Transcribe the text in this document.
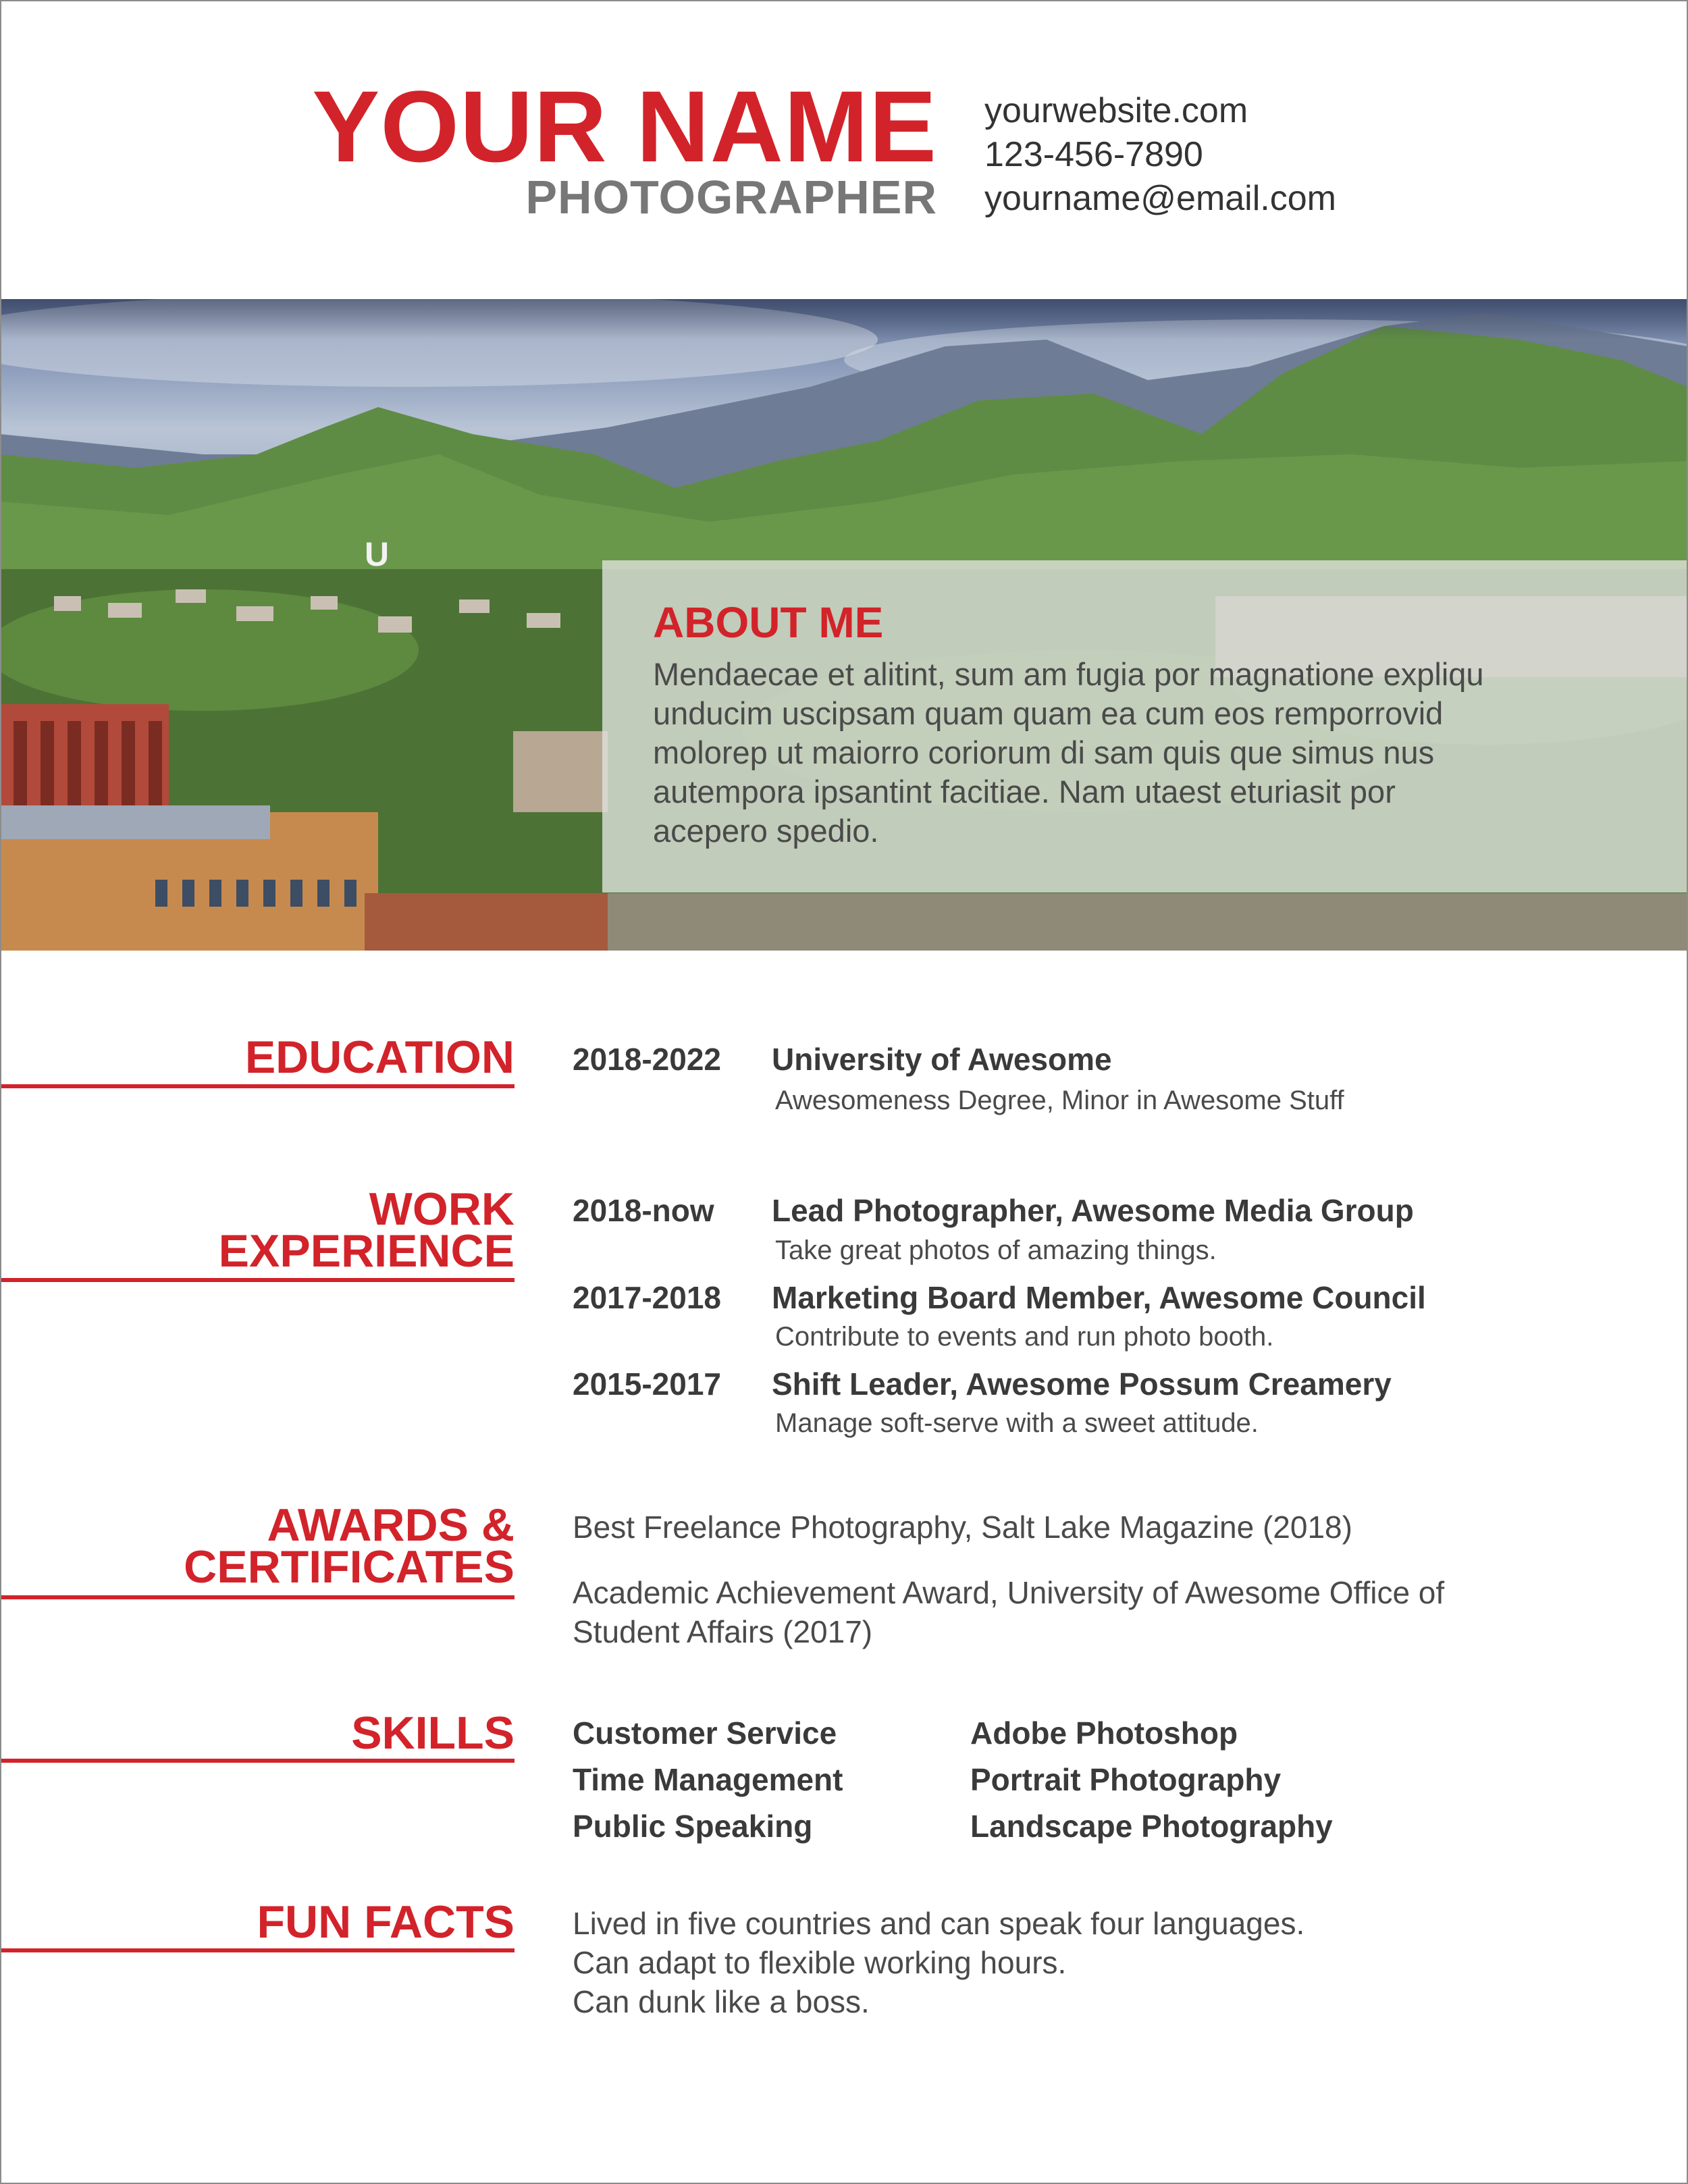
YOUR NAME
PHOTOGRAPHER
yourwebsite.com
123-456-7890
yourname@email.com
U
ABOUT ME
Mendaecae et alitint, sum am fugia por magnatione expliqu unducim uscipsam quam quam ea cum eos remporrovid molorep ut maiorro coriorum di sam quis que simus nus autempora ipsantint facitiae. Nam utaest eturiasit por acepero spedio.
EDUCATION 2018-2022 University of Awesome
Awesomeness Degree, Minor in Awesome Stuff
WORK
EXPERIENCE
2018-now Lead Photographer, Awesome Media Group
Take great photos of amazing things.
2017-2018 Marketing Board Member, Awesome Council
Contribute to events and run photo booth.
2015-2017 Shift Leader, Awesome Possum Creamery
Manage soft-serve with a sweet attitude.
AWARDS &
CERTIFICATES
Best Freelance Photography, Salt Lake Magazine (2018)
Academic Achievement Award, University of Awesome Office of Student Affairs (2017)
SKILLS Customer Service
Time Management
Public Speaking
Adobe Photoshop
Portrait Photography
Landscape Photography
FUN FACTS Lived in five countries and can speak four languages.
Can adapt to flexible working hours.
Can dunk like a boss.
